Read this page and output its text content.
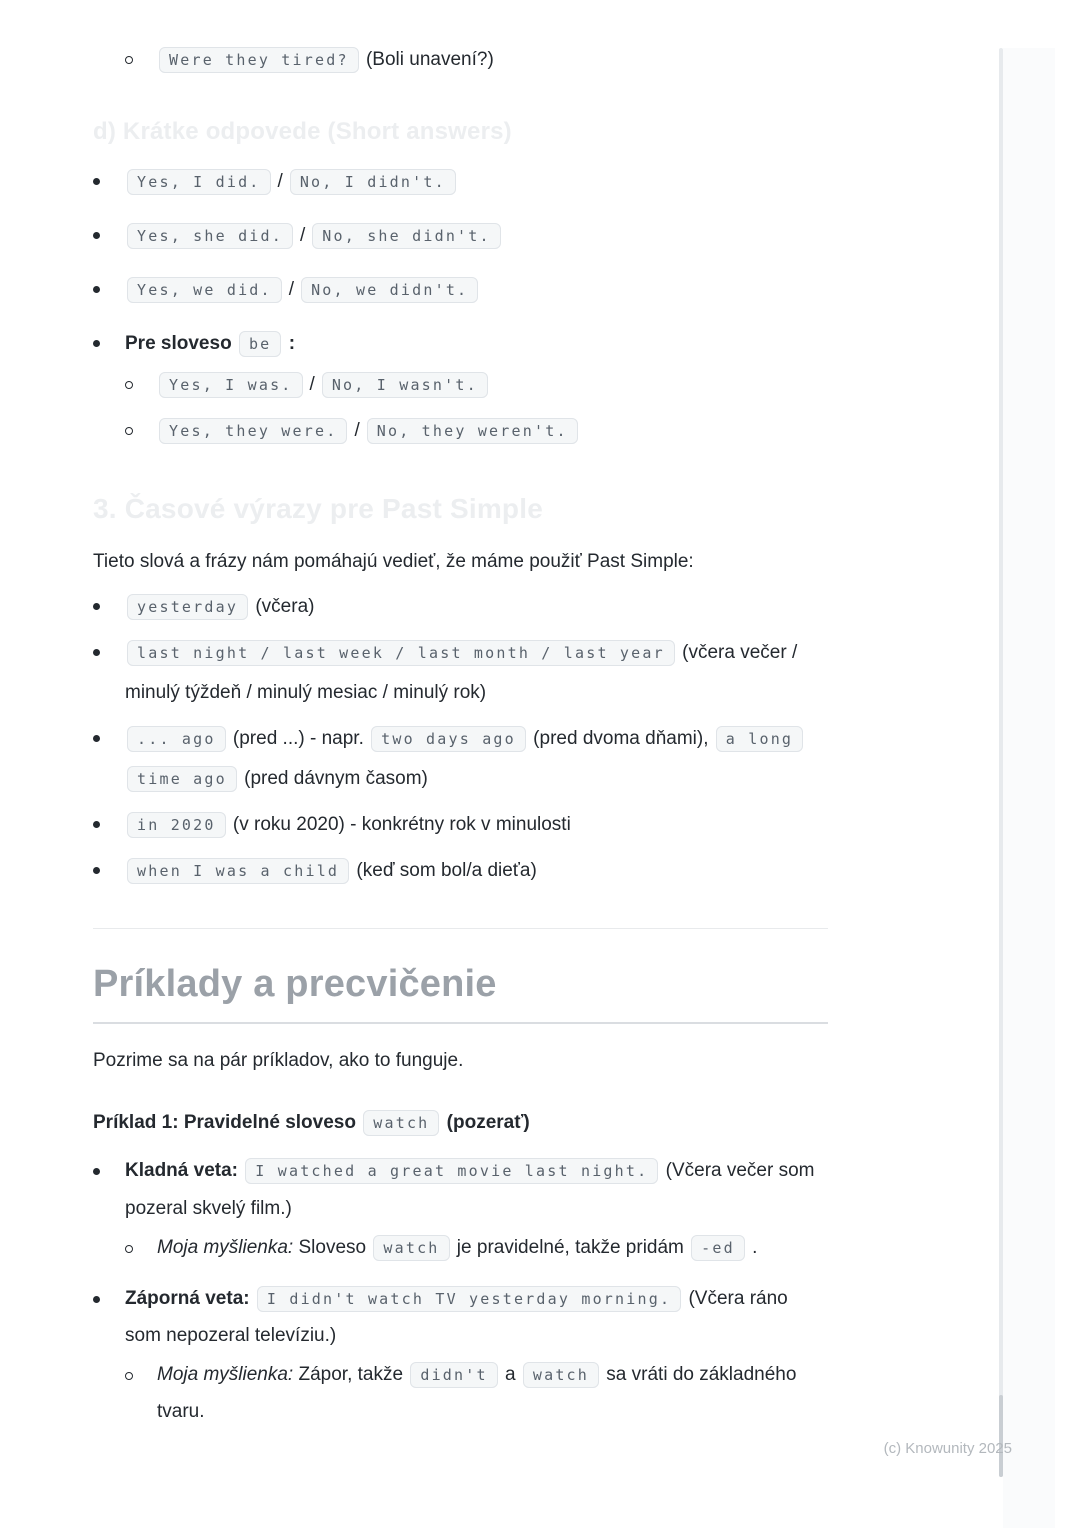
Were they tired? (Boli unavení?)
d) Krátke odpovede (Short answers)
Yes, I did. / No, I didn't.
Yes, she did. / No, she didn't.
Yes, we did. / No, we didn't.
Pre sloveso be :
Yes, I was. / No, I wasn't.
Yes, they were. / No, they weren't.
3. Časové výrazy pre Past Simple

Tieto slová a frázy nám pomáhajú vedieť, že máme použiť Past Simple:

yesterday (včera)
last night / last week / last month / last year (včera večer / minulý týždeň / minulý mesiac / minulý rok)
... ago (pred ...) - napr. two days ago (pred dvoma dňami), a long time ago (pred dávnym časom)
in 2020 (v roku 2020) - konkrétny rok v minulosti
when I was a child (keď som bol/a dieťa)
Príklady a precvičenie

Pozrime sa na pár príkladov, ako to funguje.

Príklad 1: Pravidelné sloveso watch (pozerať)

Kladná veta: I watched a great movie last night. (Včera večer som pozeral skvelý film.)
Moja myšlienka: Sloveso watch je pravidelné, takže pridám -ed .
Záporná veta: I didn't watch TV yesterday morning. (Včera ráno som nepozeral televíziu.)
Moja myšlienka: Zápor, takže didn't a watch sa vráti do základného tvaru.
(c) Knowunity 2025
